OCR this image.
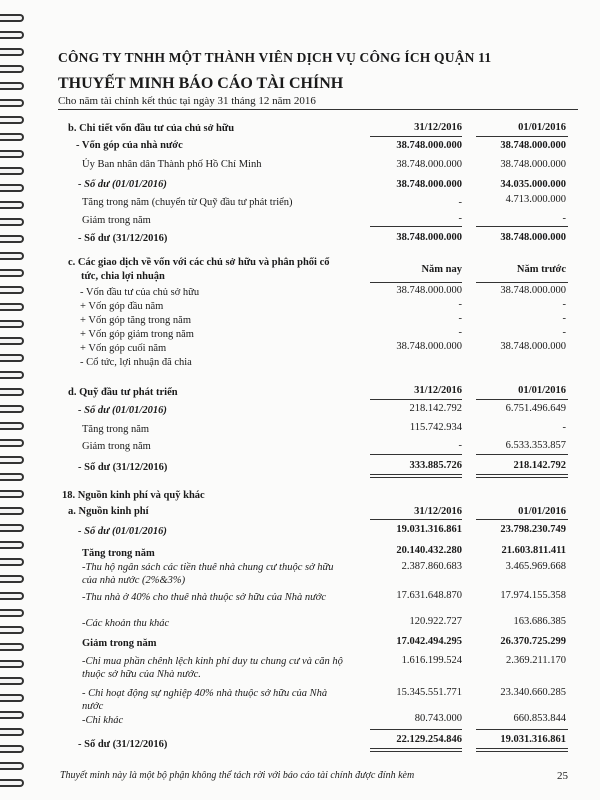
CÔNG TY TNHH MỘT THÀNH VIÊN DỊCH VỤ CÔNG ÍCH QUẬN 11
THUYẾT MINH BÁO CÁO TÀI CHÍNH
Cho năm tài chính kết thúc tại ngày 31 tháng 12 năm 2016
b. Chi tiết vốn đầu tư của chủ sở hữu	31/12/2016	01/01/2016
- Vốn góp của nhà nước	38.748.000.000	38.748.000.000
Ủy Ban nhân dân Thành phố Hồ Chí Minh	38.748.000.000	38.748.000.000
- Số dư (01/01/2016)	38.748.000.000	34.035.000.000
Tăng trong năm (chuyển từ Quỹ đầu tư phát triển)	-	4.713.000.000
Giảm trong năm	-	-
- Số dư (31/12/2016)	38.748.000.000	38.748.000.000
c. Các giao dịch về vốn với các chủ sở hữu và phân phối cổ
tức, chia lợi nhuận
Năm nay	Năm trước
- Vốn đầu tư của chủ sở hữu	38.748.000.000	38.748.000.000
+ Vốn góp đầu năm	-	-
+ Vốn góp tăng trong năm	-	-
+ Vốn góp giảm trong năm	-	-
+ Vốn góp cuối năm	38.748.000.000	38.748.000.000
- Cổ tức, lợi nhuận đã chia
d. Quỹ đầu tư phát triển	31/12/2016	01/01/2016
- Số dư (01/01/2016)	218.142.792	6.751.496.649
Tăng trong năm	115.742.934	-
Giảm trong năm	-	6.533.353.857
- Số dư (31/12/2016)	333.885.726	218.142.792
18. Nguồn kinh phí và quỹ khác
a. Nguồn kinh phí	31/12/2016	01/01/2016
- Số dư (01/01/2016)	19.031.316.861	23.798.230.749
Tăng trong năm	20.140.432.280	21.603.811.411
-Thu hộ ngân sách các tiền thuê nhà chung cư thuộc sở hữu
của nhà nước (2%&3%)
2.387.860.683	3.465.969.668
-Thu nhà ở 40% cho thuê nhà thuộc sở hữu của Nhà nước	17.631.648.870	17.974.155.358
-Các khoản thu khác	120.922.727	163.686.385
Giảm trong năm	17.042.494.295	26.370.725.299
-Chi mua phần chênh lệch kinh phí duy tu chung cư và căn hộ
thuộc sở hữu của Nhà nước.
1.616.199.524	2.369.211.170
- Chi hoạt động sự nghiệp 40% nhà thuộc sở hữu của Nhà
nước
15.345.551.771	23.340.660.285
-Chi khác	80.743.000	660.853.844
- Số dư (31/12/2016)	22.129.254.846	19.031.316.861
Thuyết minh này là một bộ phận không thể tách rời với báo cáo tài chính được đính kèm	25
